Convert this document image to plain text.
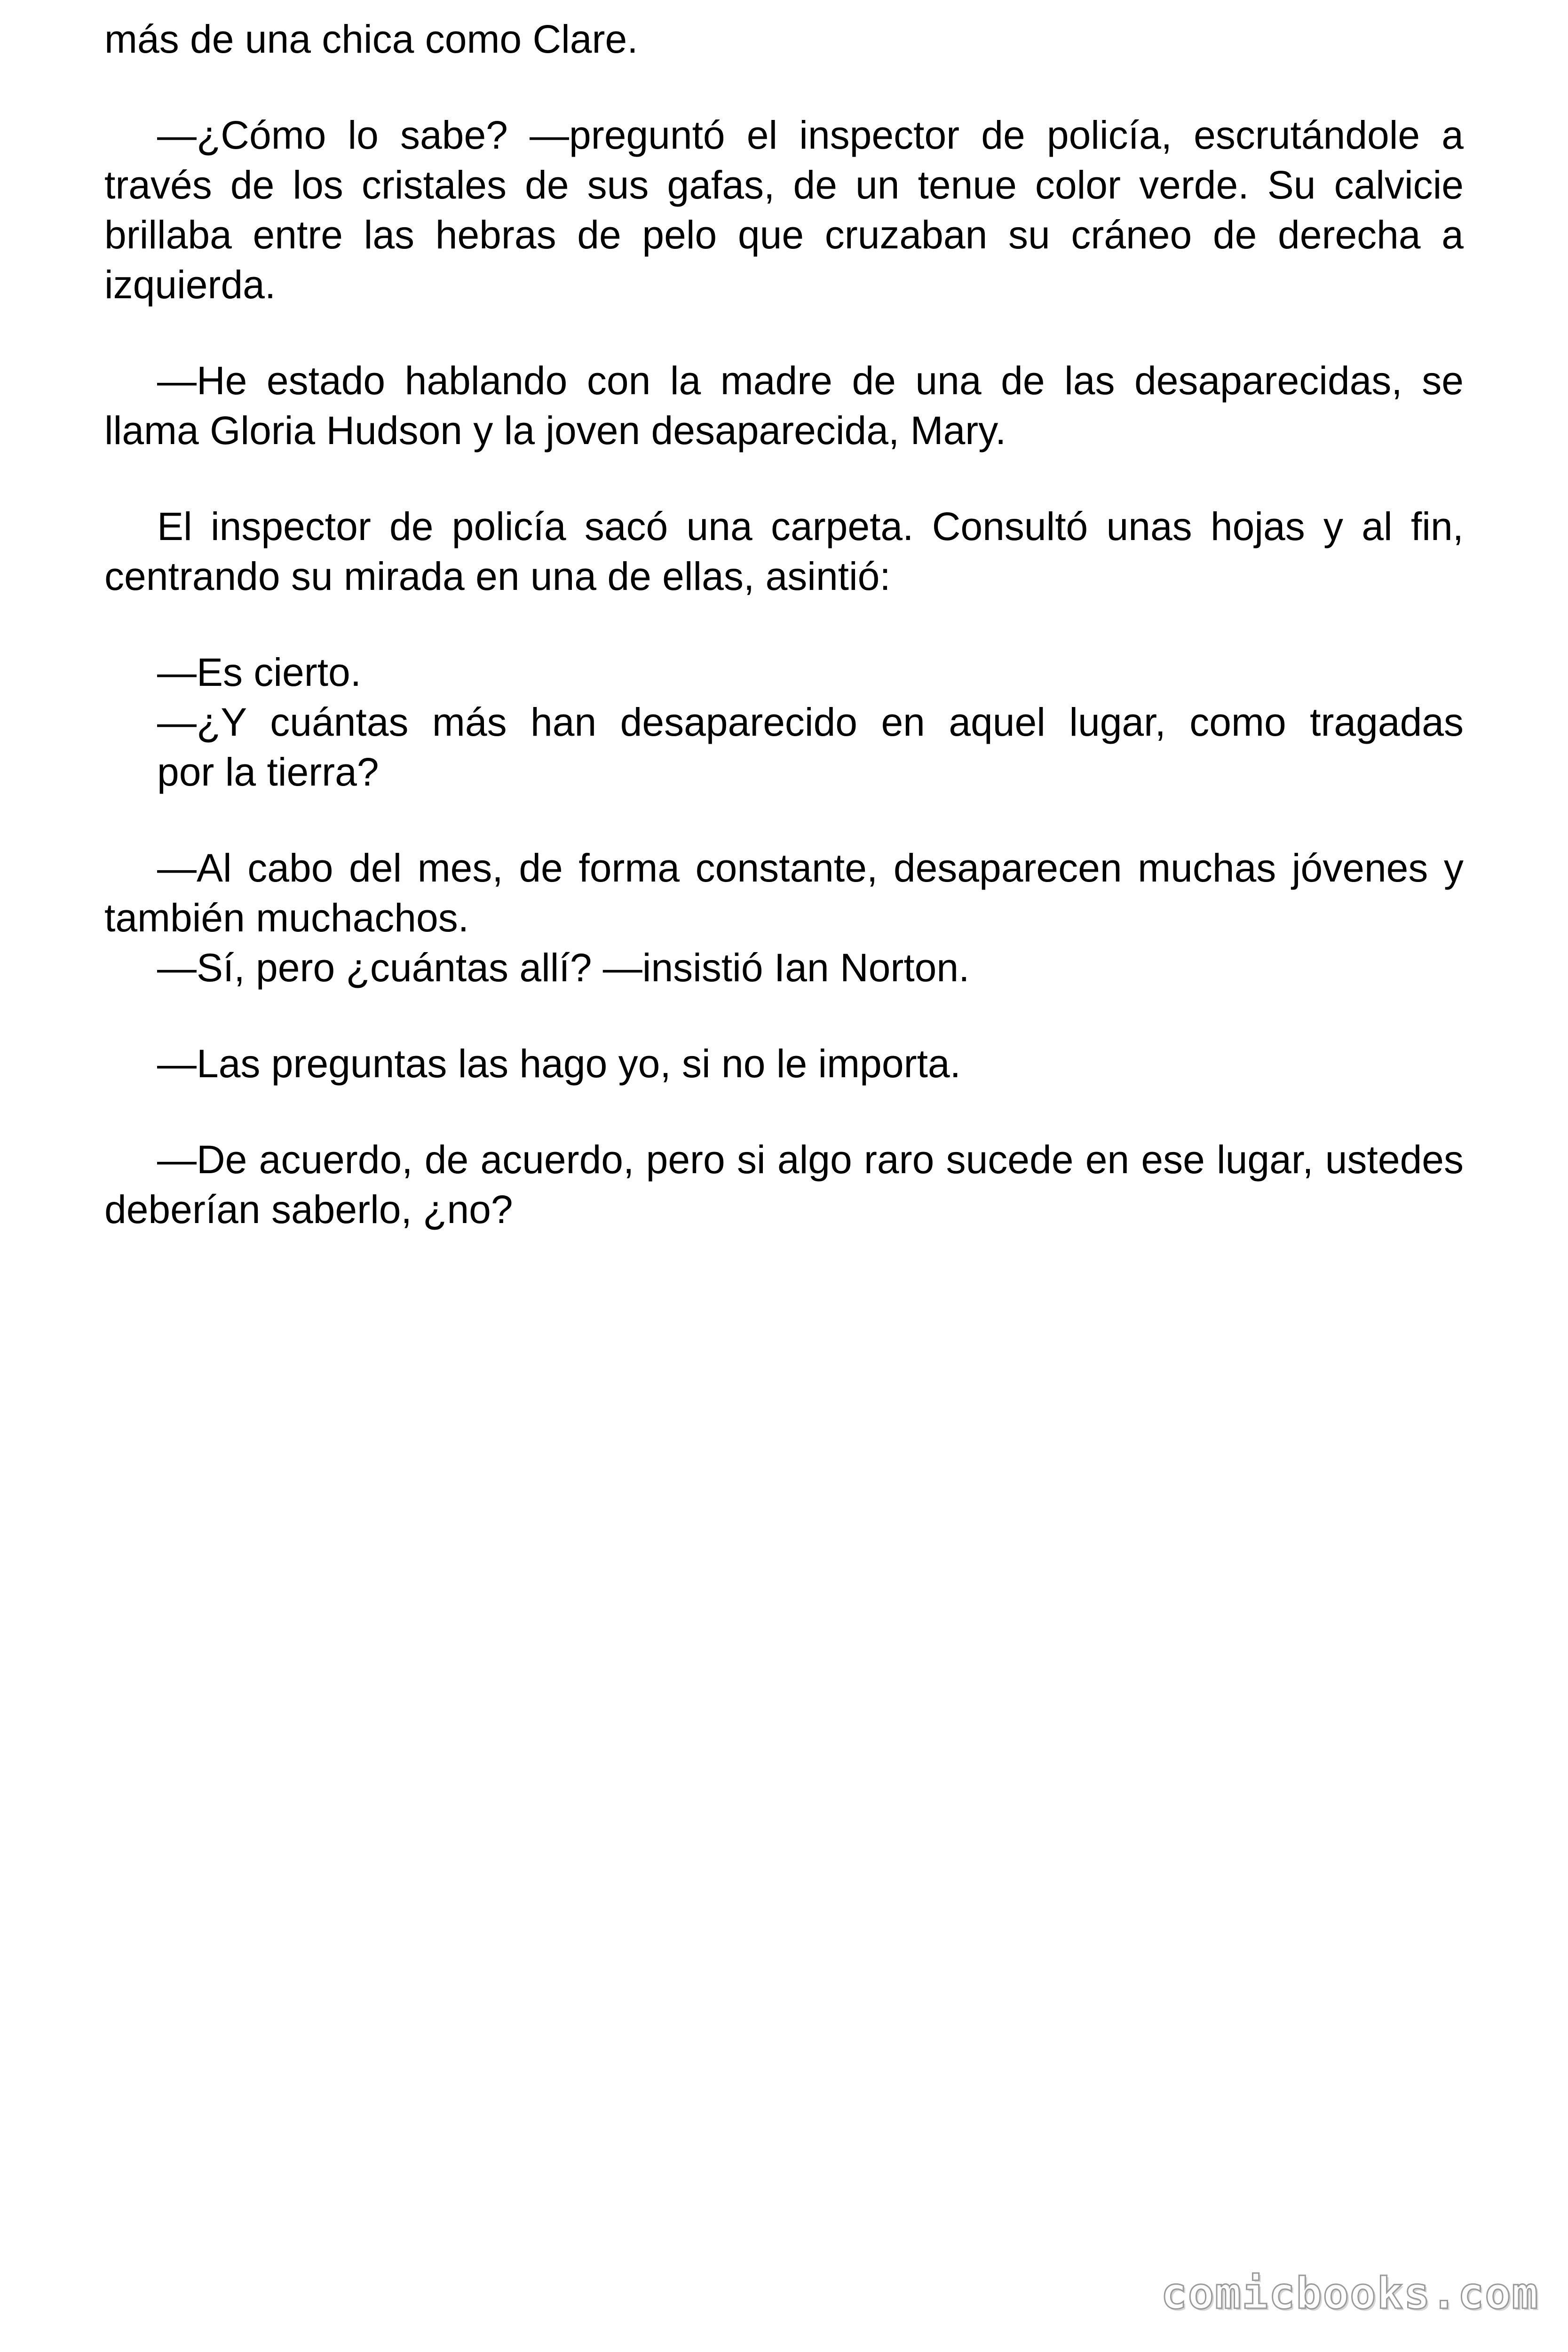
más de una chica como Clare.

—¿Cómo lo sabe? —preguntó el inspector de policía, escrutándole a través de los cristales de sus gafas, de un tenue color verde. Su calvicie brillaba entre las hebras de pelo que cruzaban su cráneo de derecha a izquierda.

—He estado hablando con la madre de una de las desaparecidas, se llama Gloria Hudson y la joven desaparecida, Mary.

El inspector de policía sacó una carpeta. Consultó unas hojas y al fin, centrando su mirada en una de ellas, asintió:

—Es cierto.

—¿Y cuántas más han desaparecido en aquel lugar, como tragadas
por la tierra?

—Al cabo del mes, de forma constante, desaparecen muchas jóvenes y también muchachos.

—Sí, pero ¿cuántas allí? —insistió Ian Norton.

—Las preguntas las hago yo, si no le importa.

—De acuerdo, de acuerdo, pero si algo raro sucede en ese lugar, ustedes deberían saberlo, ¿no?

comicbooks.com
